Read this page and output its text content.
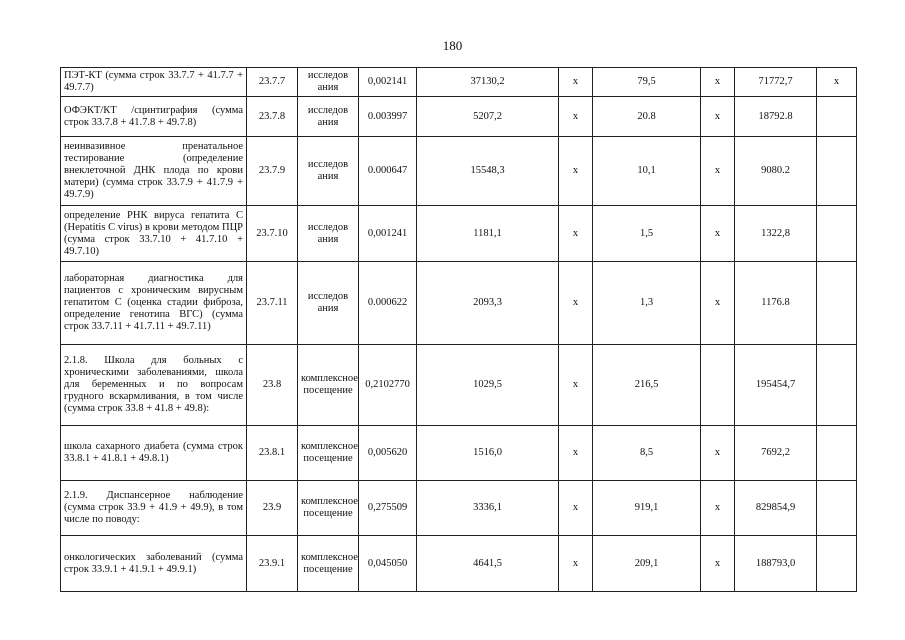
180
ПЭТ-КТ (сумма строк 33.7.7 + 41.7.7 + 49.7.7)	23.7.7	исследов ания	0,002141	37130,2	х	79,5	х	71772,7	х
ОФЭКТ/КТ /сцинтиграфия (сумма строк 33.7.8 + 41.7.8 + 49.7.8)	23.7.8	исследов ания	0.003997	5207,2	х	20.8	х	18792.8	
неинвазивное пренатальное тестирование (определение внеклеточной ДНК плода по крови матери) (сумма строк 33.7.9 + 41.7.9 + 49.7.9)	23.7.9	исследов ания	0.000647	15548,3	х	10,1	х	9080.2	
определение РНК вируса гепатита С (Hepatitis C virus) в крови методом ПЦР (сумма строк 33.7.10 + 41.7.10 + 49.7.10)	23.7.10	исследов ания	0,001241	1181,1	х	1,5	х	1322,8	
лабораторная диагностика для пациентов с хроническим вирусным гепатитом С (оценка стадии фиброза, определение генотипа ВГС) (сумма строк 33.7.11 + 41.7.11 + 49.7.11)	23.7.11	исследов ания	0.000622	2093,3	х	1,3	х	1176.8	
2.1.8. Школа для больных с хроническими заболеваниями, школа для беременных и по вопросам грудного вскармливания, в том числе (сумма строк 33.8 + 41.8 + 49.8):	23.8	комплексное посещение	0,2102770	1029,5	х	216,5		195454,7	
школа сахарного диабета (сумма строк 33.8.1 + 41.8.1 + 49.8.1)	23.8.1	комплексное посещение	0,005620	1516,0	х	8,5	х	7692,2	
2.1.9. Диспансерное наблюдение (сумма строк 33.9 + 41.9 + 49.9), в том числе по поводу:	23.9	комплексное посещение	0,275509	3336,1	х	919,1	х	829854,9	
онкологических заболеваний (сумма строк 33.9.1 + 41.9.1 + 49.9.1)	23.9.1	комплексное посещение	0,045050	4641,5	х	209,1	х	188793,0	
